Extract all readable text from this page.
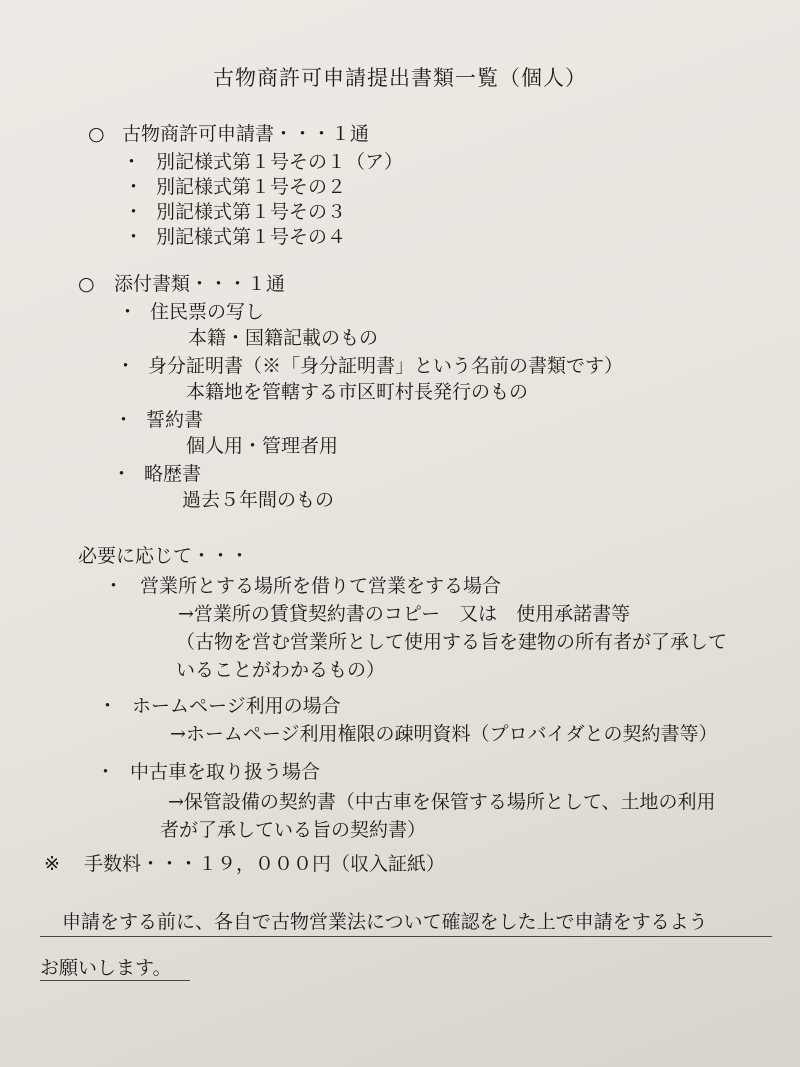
古物商許可申請提出書類一覧（個人）
○ 古物商許可申請書・・・１通
・ 別記様式第１号その１（ア）
・ 別記様式第１号その２
・ 別記様式第１号その３
・ 別記様式第１号その４
○ 添付書類・・・１通
・ 住民票の写し
本籍・国籍記載のもの
・ 身分証明書（※「身分証明書」という名前の書類です）
本籍地を管轄する市区町村長発行のもの
・ 誓約書
個人用・管理者用
・ 略歴書
過去５年間のもの
必要に応じて・・・
・ 営業所とする場所を借りて営業をする場合
→営業所の賃貸契約書のコピー　又は　使用承諾書等
（古物を営む営業所として使用する旨を建物の所有者が了承して
いることがわかるもの）
・ ホームページ利用の場合
→ホームページ利用権限の疎明資料（プロバイダとの契約書等）
・ 中古車を取り扱う場合
→保管設備の契約書（中古車を保管する場所として、土地の利用
者が了承している旨の契約書）
※ 手数料・・・１９，０００円（収入証紙）
申請をする前に、各自で古物営業法について確認をした上で申請をするよう
お願いします。
